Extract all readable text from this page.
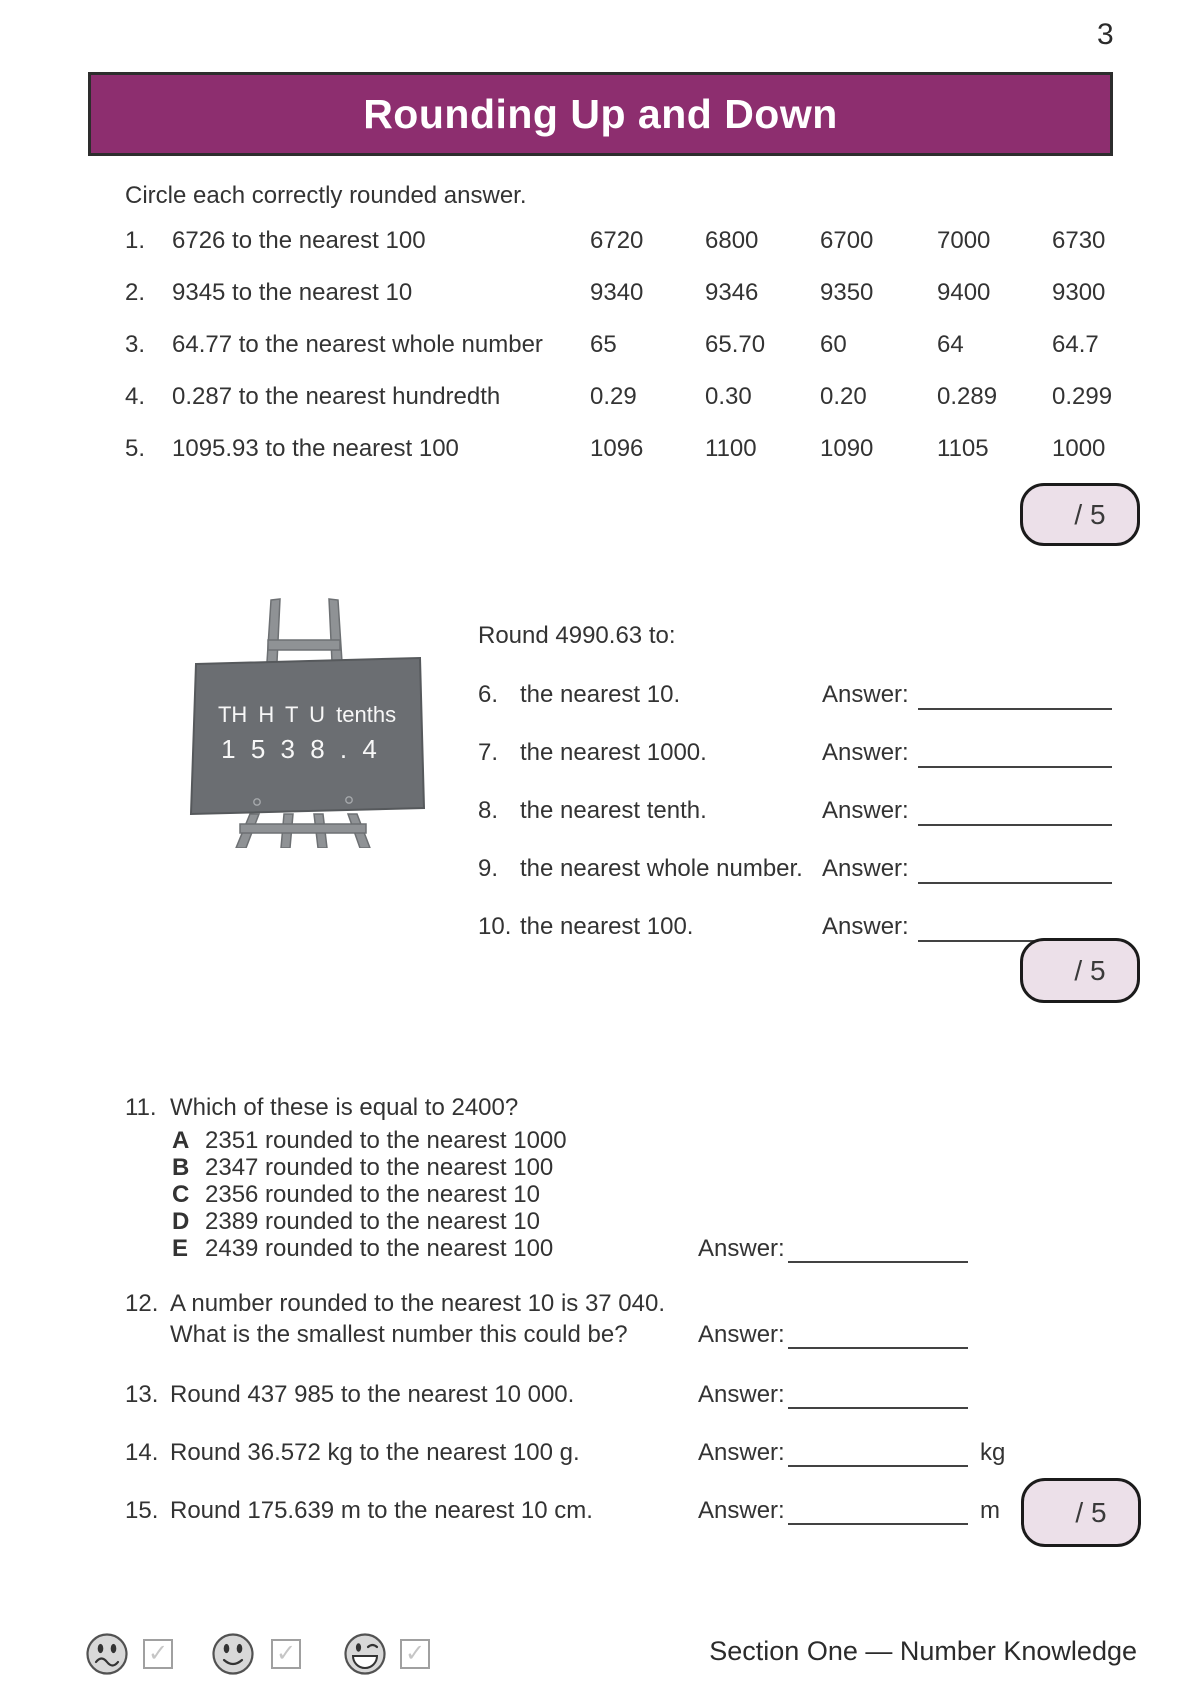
3
Rounding Up and Down
Circle each correctly rounded answer.
1.	6726 to the nearest 100	6720	6800	6700	7000	6730
2.	9345 to the nearest 10	9340	9346	9350	9400	9300
3.	64.77 to the nearest whole number	65	65.70	60	64	64.7
4.	0.287 to the nearest hundredth	0.29	0.30	0.20	0.289	0.299
5.	1095.93 to the nearest 100	1096	1100	1090	1105	1000
/ 5
TH H T U tenths
1 5 3 8 . 4
Round 4990.63 to:
6. the nearest 10.	Answer:
7. the nearest 1000.	Answer:
8. the nearest tenth.	Answer:
9. the nearest whole number. Answer:
10. the nearest 100.	Answer:
/ 5
11. Which of these is equal to 2400?
A 2351 rounded to the nearest 1000
B 2347 rounded to the nearest 100
C 2356 rounded to the nearest 10
D 2389 rounded to the nearest 10
E 2439 rounded to the nearest 100	Answer:
12. A number rounded to the nearest 10 is 37 040.
What is the smallest number this could be?	Answer:
13. Round 437 985 to the nearest 10 000.	Answer:
14. Round 36.572 kg to the nearest 100 g.	Answer:	kg
15. Round 175.639 m to the nearest 10 cm.	Answer:	m	/ 5
✓	✓	✓	Section One — Number Knowledge
